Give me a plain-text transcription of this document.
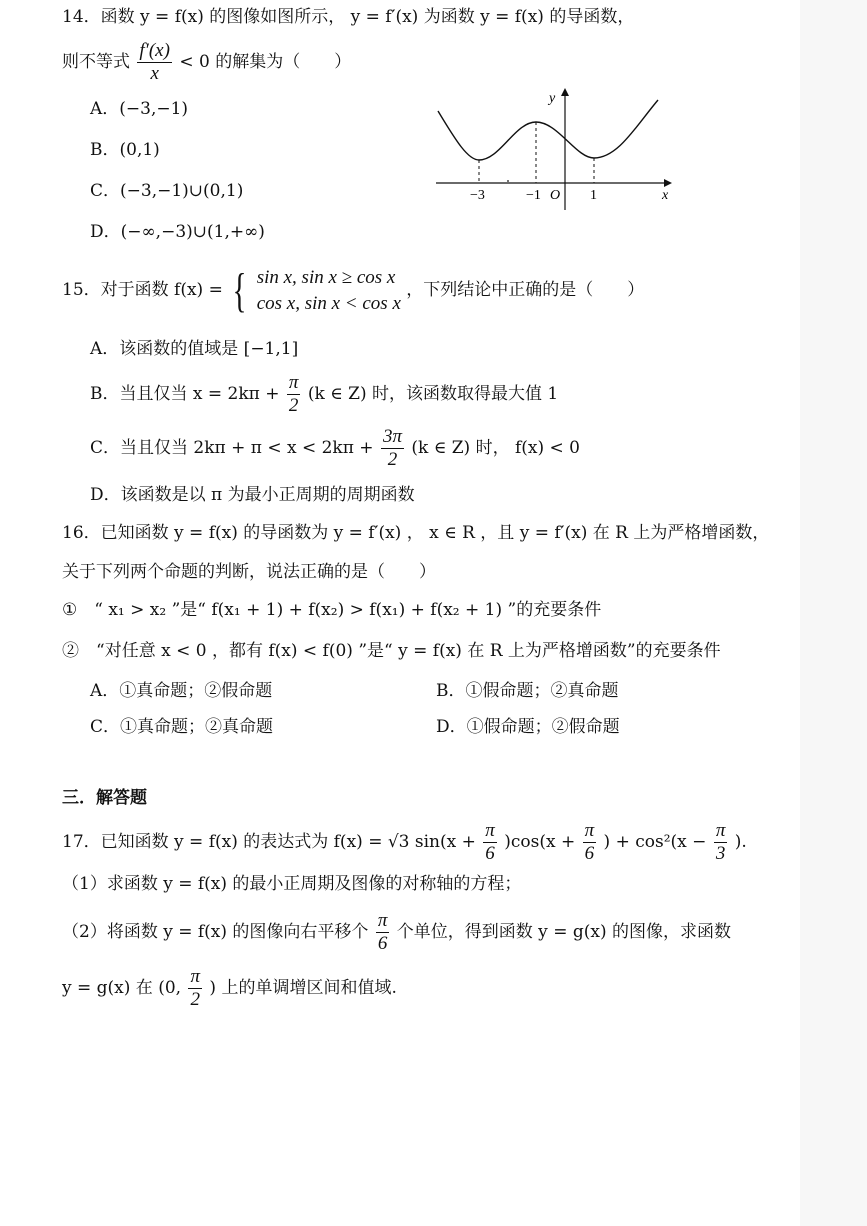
14．函数 y = f(x) 的图像如图所示， y = f′(x) 为函数 y = f(x) 的导函数，
则不等式 $\frac{f'(x)}{x} < 0$ 的解集为（　　）
A．(−3,−1)
B．(0,1)
C．(−3,−1)∪(0,1)
D．(−∞,−3)∪(1,+∞)
y
x
O
−3	−1	1
15．对于函数 f(x) = { sin x, sin x ≥ cos x
cos x, sin x < cos x
，下列结论中正确的是（　　）
A．该函数的值域是 [−1,1]
B．当且仅当 $x = 2k\pi + \frac{\pi}{2} (k$ ∈ Z) 时，该函数取得最大值 1
C．当且仅当 $2k\pi + \pi < x < 2k\pi + \frac{3\pi}{2} (k$ ∈ Z) 时， f(x) < 0
D．该函数是以 π 为最小正周期的周期函数
16．已知函数 y = f(x) 的导函数为 y = f′(x) ， x ∈ R ，且 y = f′(x) 在 R 上为严格增函数，
关于下列两个命题的判断，说法正确的是（　　）
①　“ x₁ > x₂ ”是“ f(x₁ + 1) + f(x₂) > f(x₁) + f(x₂ + 1) ”的充要条件
②　“对任意 x < 0 ，都有 f(x) < f(0) ”是“ y = f(x) 在 R 上为严格增函数”的充要条件
A．①真命题；②假命题	B．①假命题；②真命题
C．①真命题；②真命题	D．①假命题；②假命题
三．解答题
17．已知函数 y = f(x) 的表达式为 f(x) = √3 $\sin(x + \frac{\pi}{6} )\cos(x + \frac{\pi}{6}$ ) + $\cos^2(x - \frac{\pi}{3}$ ).
（1）求函数 y = f(x) 的最小正周期及图像的对称轴的方程；
（2）将函数 y = f(x) 的图像向右平移个 $\frac{\pi}{6}$ 个单位，得到函数 y = g(x) 的图像，求函数
y = g(x) 在 (0, $\frac{\pi}{2}$ ) 上的单调增区间和值域.
